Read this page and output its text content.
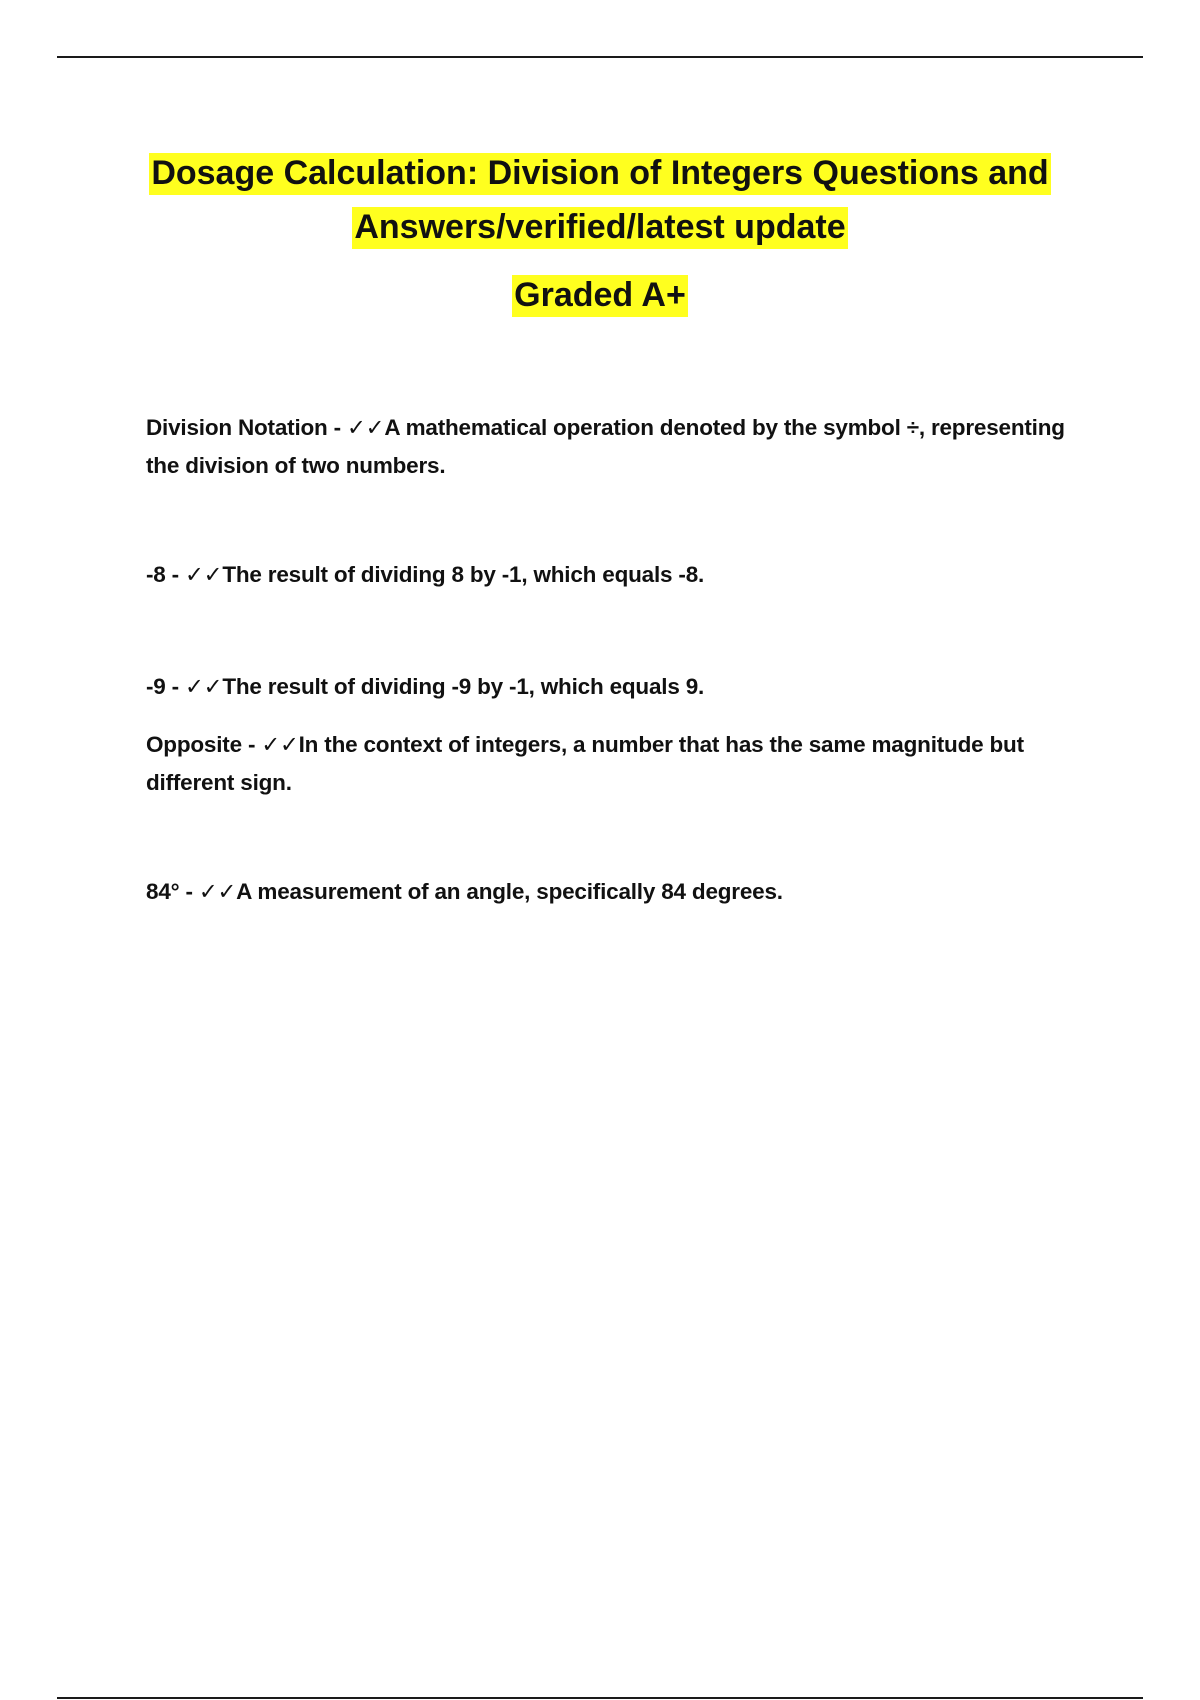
Dosage Calculation: Division of Integers Questions and
Answers/verified/latest update
Graded A+
Division Notation - ✓✓A mathematical operation denoted by the symbol ÷, representing the division of two numbers.
-8 - ✓✓The result of dividing 8 by -1, which equals -8.
-9 - ✓✓The result of dividing -9 by -1, which equals 9.
Opposite - ✓✓In the context of integers, a number that has the same magnitude but different sign.
84° - ✓✓A measurement of an angle, specifically 84 degrees.
